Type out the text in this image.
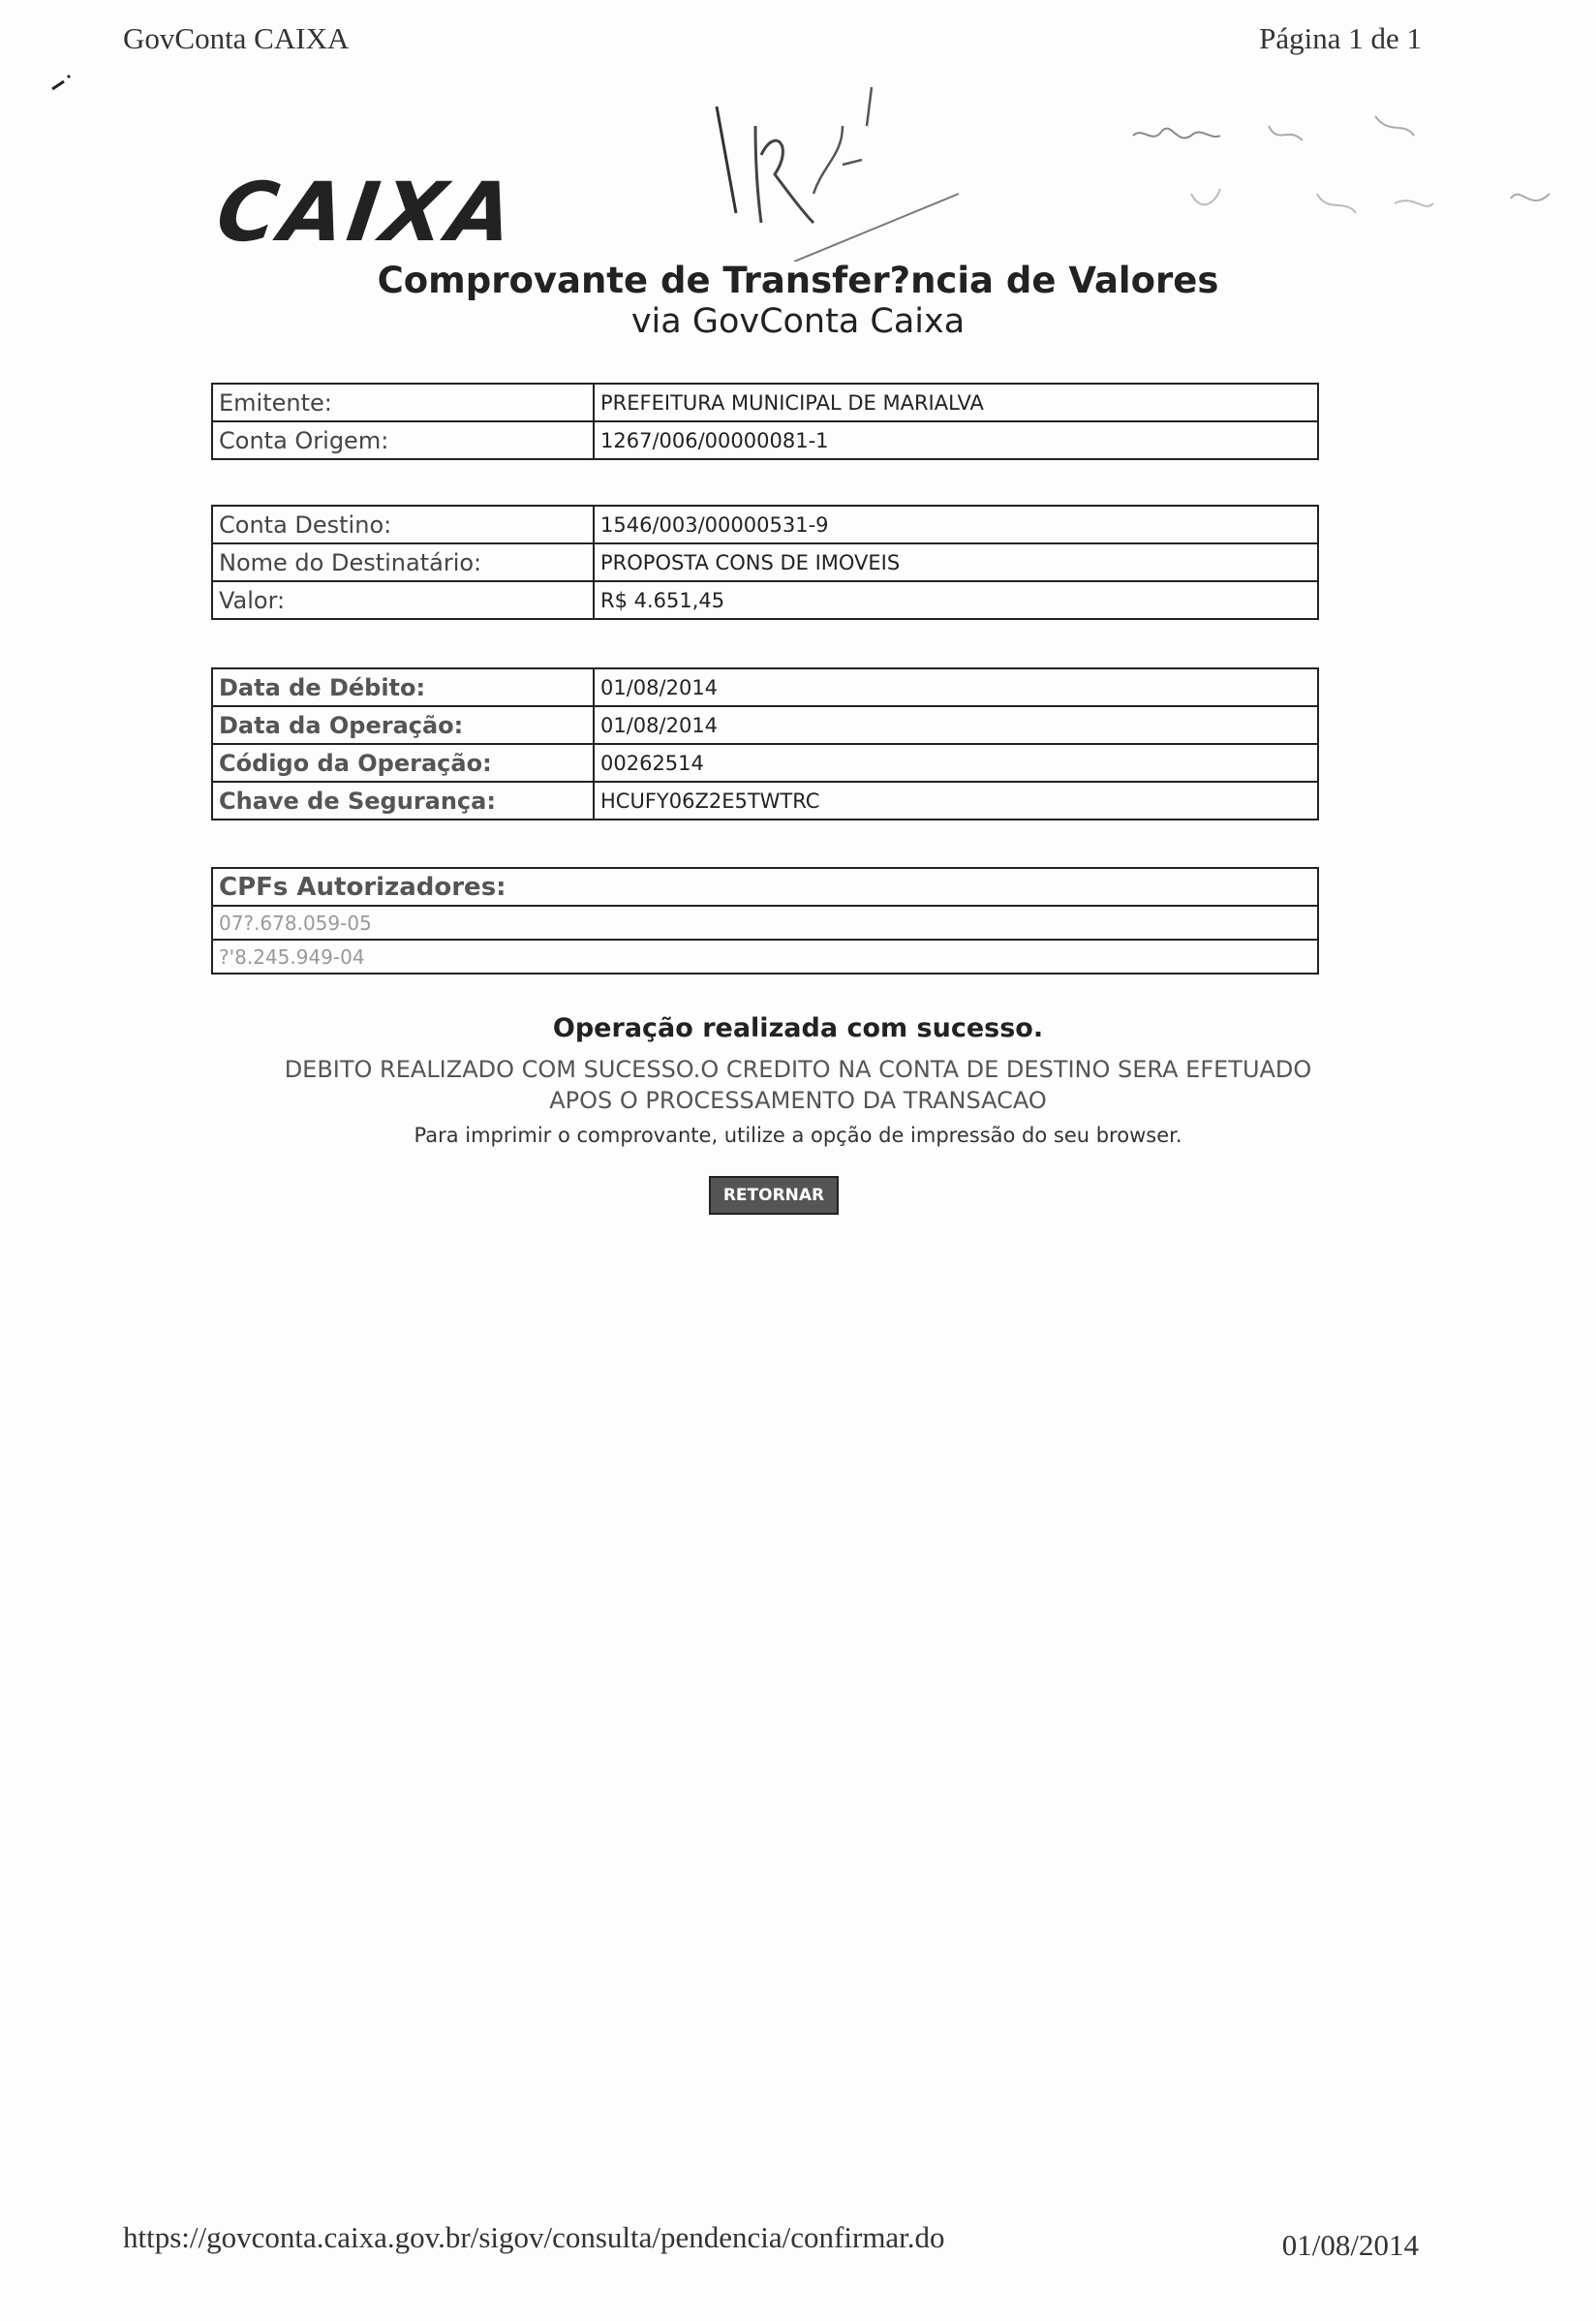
GovConta CAIXA	Página 1 de 1
CAIXA
Comprovante de Transfer?ncia de Valores
via GovConta Caixa
Emitente:	PREFEITURA MUNICIPAL DE MARIALVA
Conta Origem:	1267/006/00000081-1
Conta Destino:	1546/003/00000531-9
Nome do Destinatário:	PROPOSTA CONS DE IMOVEIS
Valor:	R$ 4.651,45
Data de Débito:	01/08/2014
Data da Operação:	01/08/2014
Código da Operação:	00262514
Chave de Segurança:	HCUFY06Z2E5TWTRC
CPFs Autorizadores:
07?.678.059-05
?'8.245.949-04
Operação realizada com sucesso.
DEBITO REALIZADO COM SUCESSO.O CREDITO NA CONTA DE DESTINO SERA EFETUADO
APOS O PROCESSAMENTO DA TRANSACAO
Para imprimir o comprovante, utilize a opção de impressão do seu browser.
RETORNAR
https://govconta.caixa.gov.br/sigov/consulta/pendencia/confirmar.do	01/08/2014
